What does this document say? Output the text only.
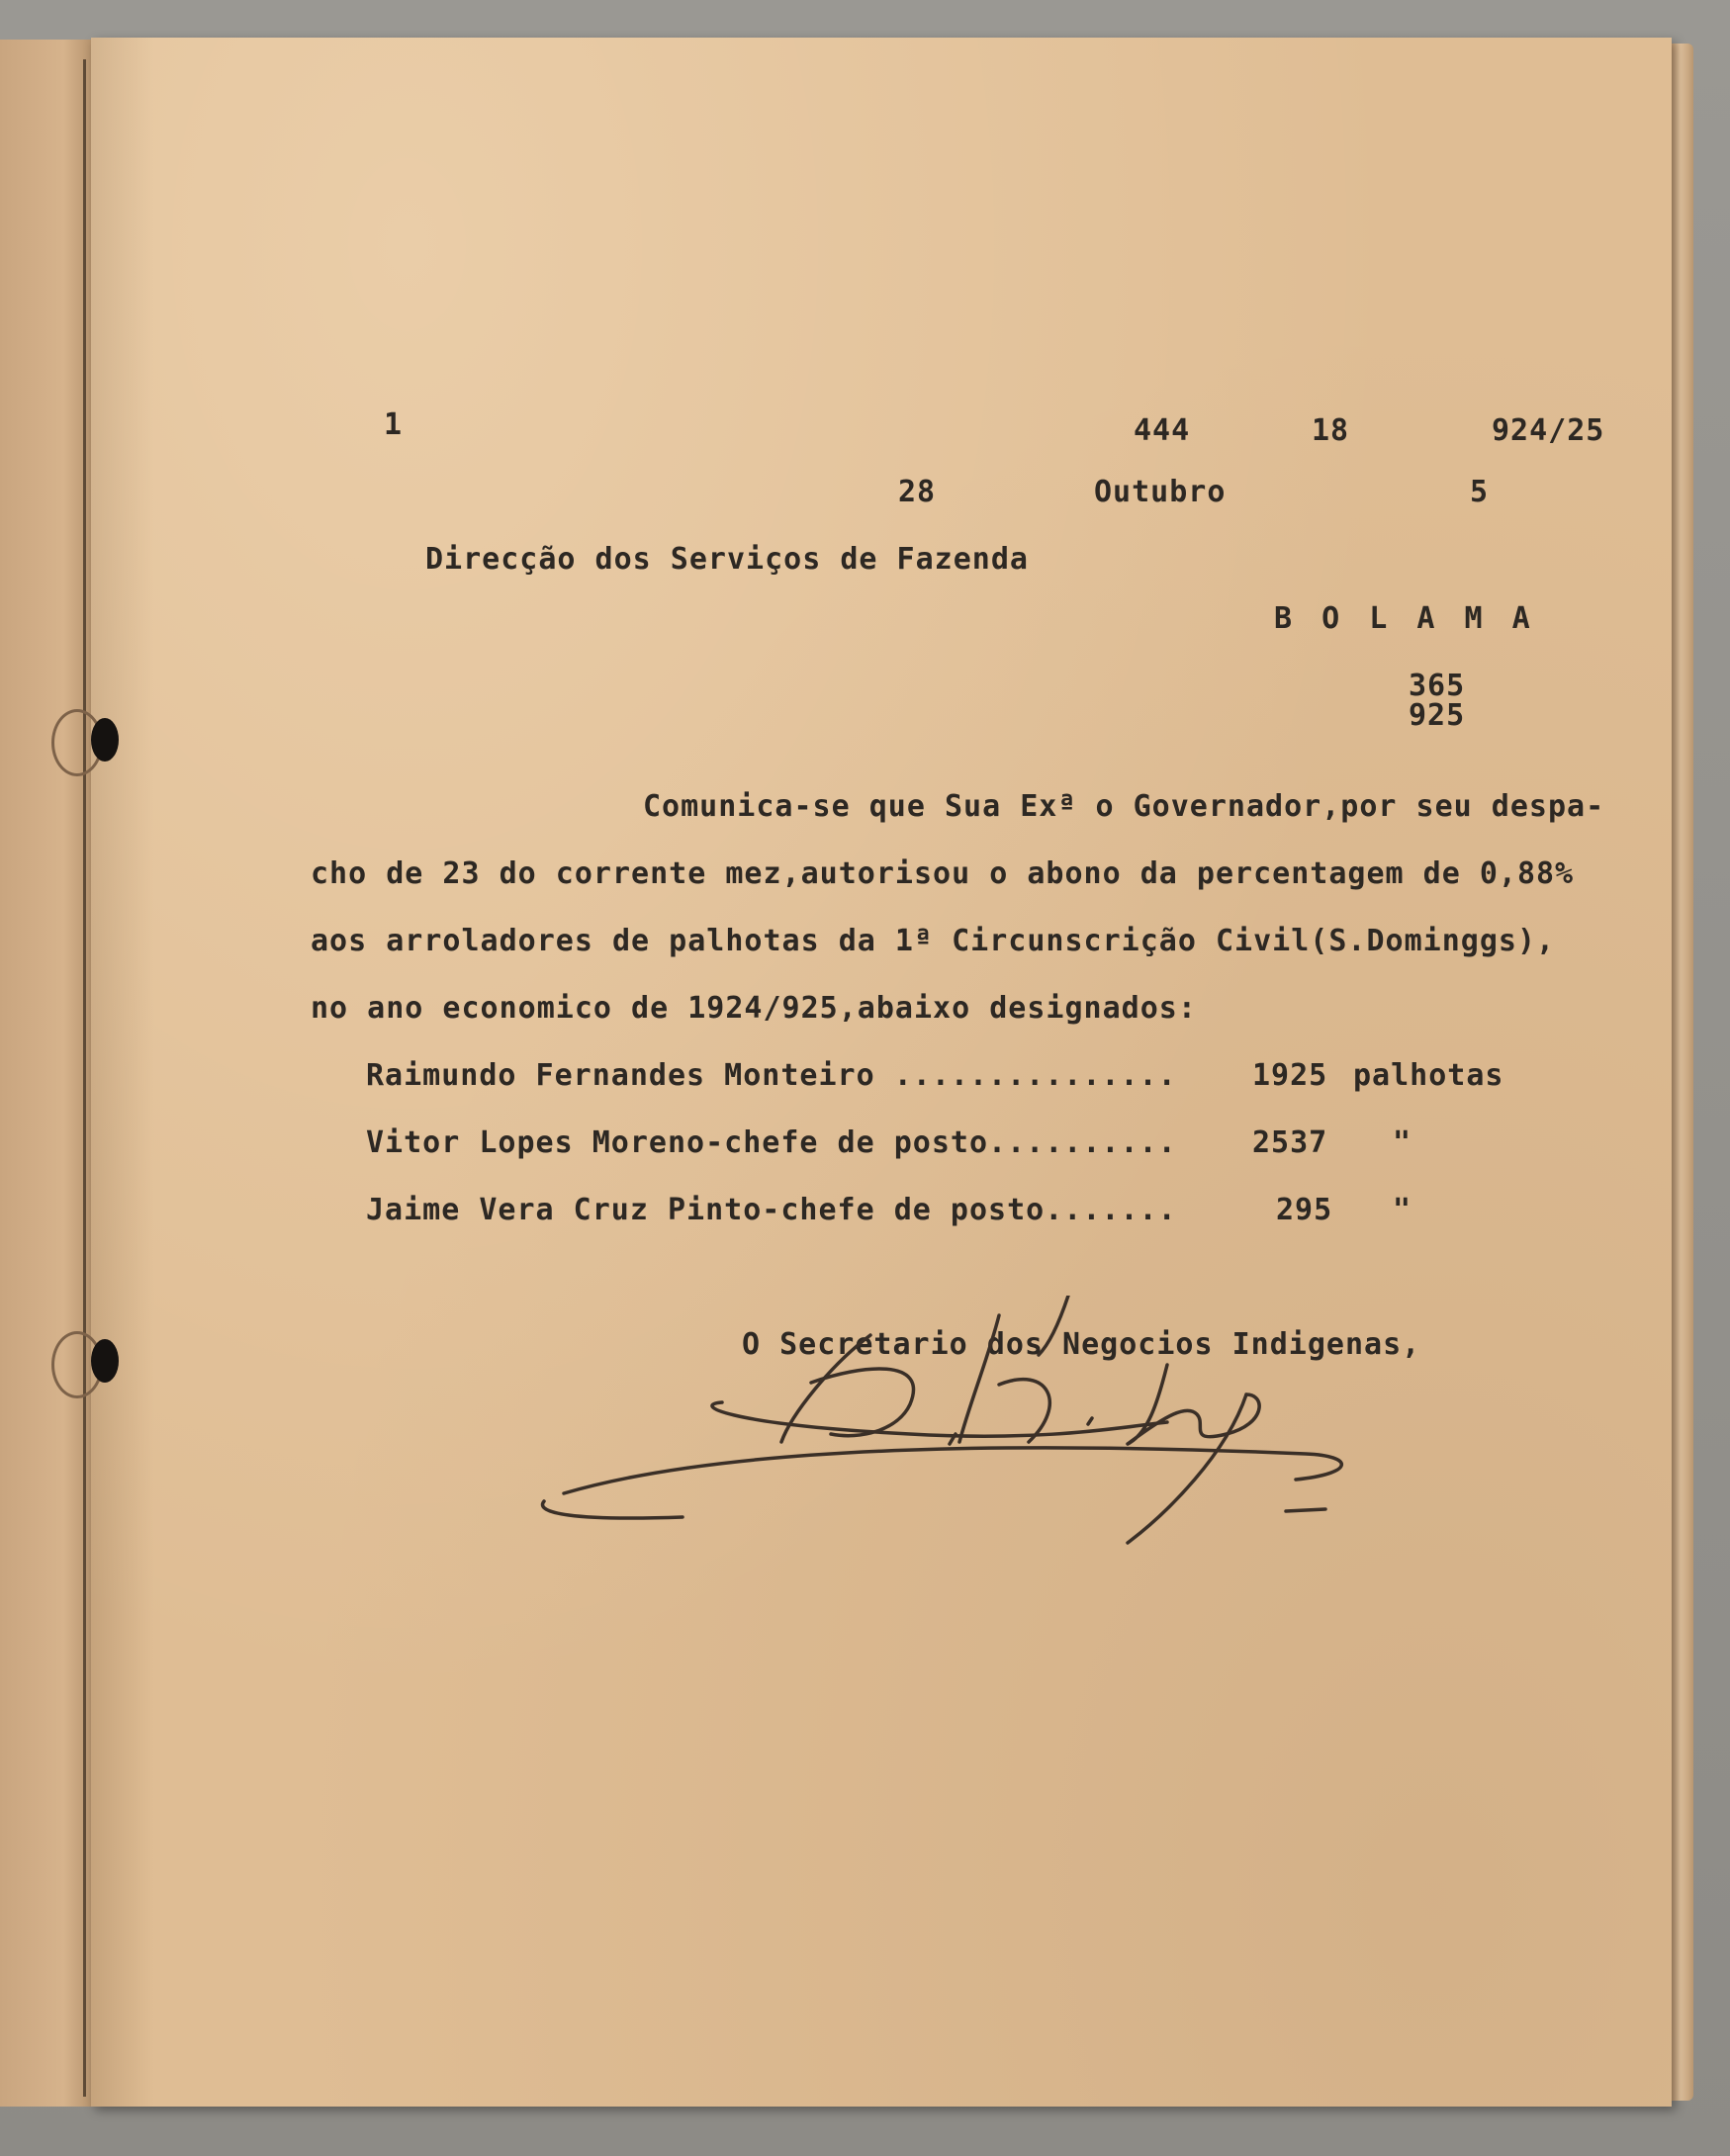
1	444	18	924/25
28	Outubro	5
Direcção dos Serviços de Fazenda
B O L A M A
365
925
Comunica-se que Sua Exª o Governador,por seu despa-
cho de 23 do corrente mez,autorisou o abono da percentagem de 0,88%
aos arroladores de palhotas da 1ª Circunscrição Civil(S.Dominggs),
no ano economico de 1924/925,abaixo designados:
Raimundo Fernandes Monteiro ...............	1925 palhotas
Vitor Lopes Moreno-chefe de posto..........	2537 "
Jaime Vera Cruz Pinto-chefe de posto.......	295 "
O Secretario dos Negocios Indigenas,
